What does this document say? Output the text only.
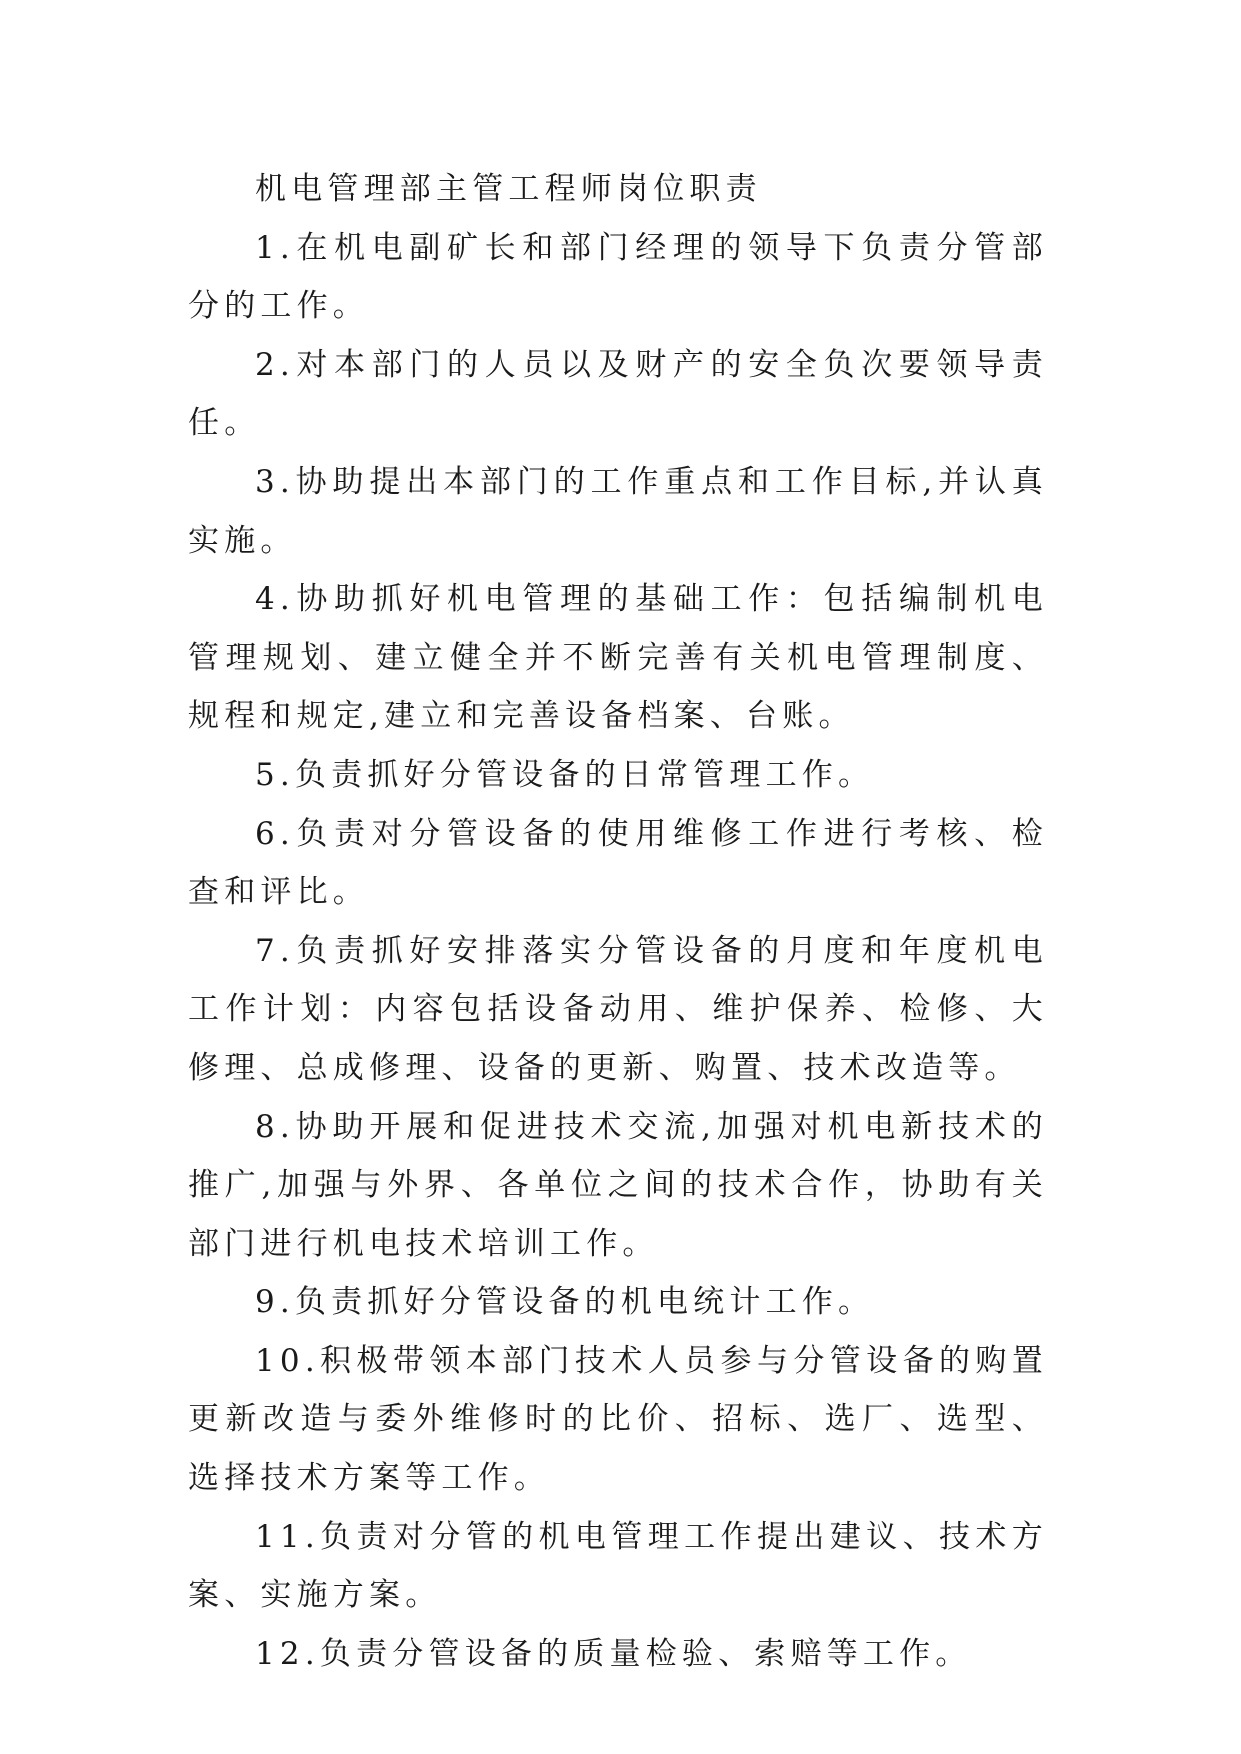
机电管理部主管工程师岗位职责

1.在机电副矿长和部门经理的领导下负责分管部分的工作。

2.对本部门的人员以及财产的安全负次要领导责任。

3.协助提出本部门的工作重点和工作目标,并认真实施。

4.协助抓好机电管理的基础工作：包括编制机电管理规划、建立健全并不断完善有关机电管理制度、规程和规定,建立和完善设备档案、台账。

5.负责抓好分管设备的日常管理工作。

6.负责对分管设备的使用维修工作进行考核、检查和评比。

7.负责抓好安排落实分管设备的月度和年度机电工作计划：内容包括设备动用、维护保养、检修、大修理、总成修理、设备的更新、购置、技术改造等。

8.协助开展和促进技术交流,加强对机电新技术的推广,加强与外界、各单位之间的技术合作，协助有关部门进行机电技术培训工作。

9.负责抓好分管设备的机电统计工作。

10.积极带领本部门技术人员参与分管设备的购置更新改造与委外维修时的比价、招标、选厂、选型、选择技术方案等工作。

11.负责对分管的机电管理工作提出建议、技术方案、实施方案。

12.负责分管设备的质量检验、索赔等工作。
